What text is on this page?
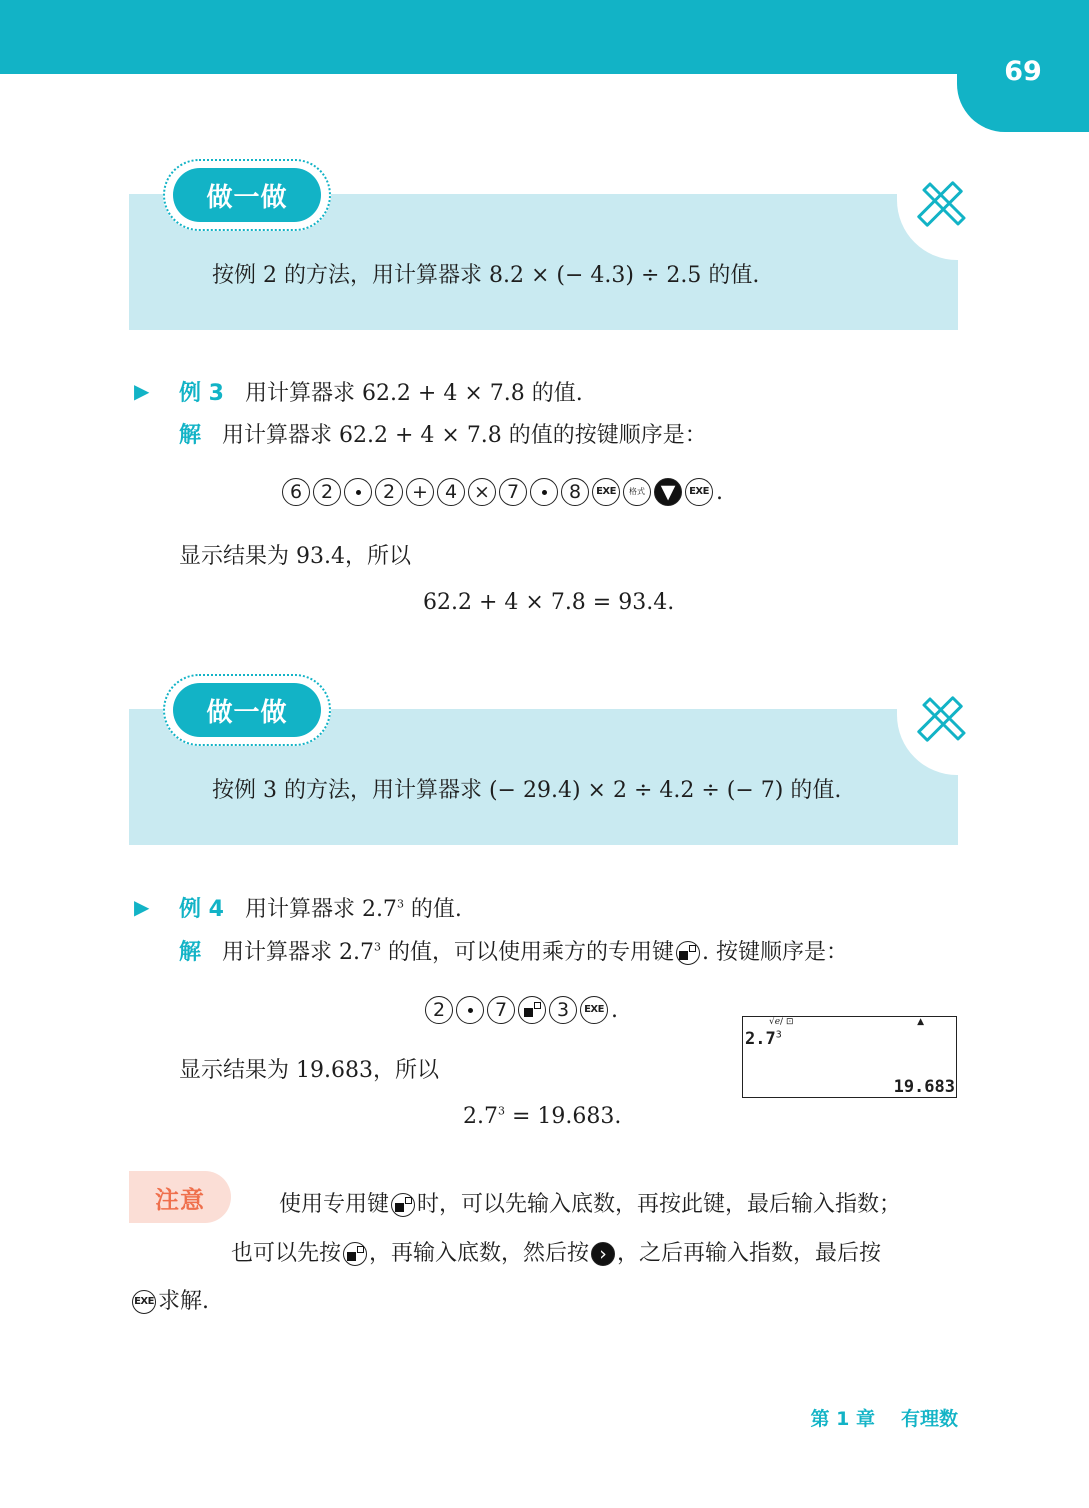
69
做一做
按例 2 的方法，用计算器求 8.2 × (− 4.3) ÷ 2.5 的值.
▶ 例 3 用计算器求 62.2 + 4 × 7.8 的值.
解 用计算器求 62.2 + 4 × 7.8 的值的按键顺序是：
6 2	2 + 4 × 7	8	EXE	格式 ▼	EXE .
显示结果为 93.4，所以
62.2 + 4 × 7.8 = 93.4.
做一做
按例 3 的方法，用计算器求 (− 29.4) × 2 ÷ 4.2 ÷ (− 7) 的值.
▶ 例 4 用计算器求 $2.7^3$ 的值.
解 用计算器求 $2.7^3$ 的值，可以使用乘方的专用键 . 按键顺序是：
2	7	3	EXE .	√ℯ/ ⊡	▲
$2.7^3$
19.683
显示结果为 19.683，所以
$2.7^3 = 19.683$.
注意	使用专用键 时，可以先输入底数，再按此键，最后输入指数；
也可以先按 ，再输入底数，然后按 › ，之后再输入指数，最后按
EXE 求解.
第 1 章 有理数
